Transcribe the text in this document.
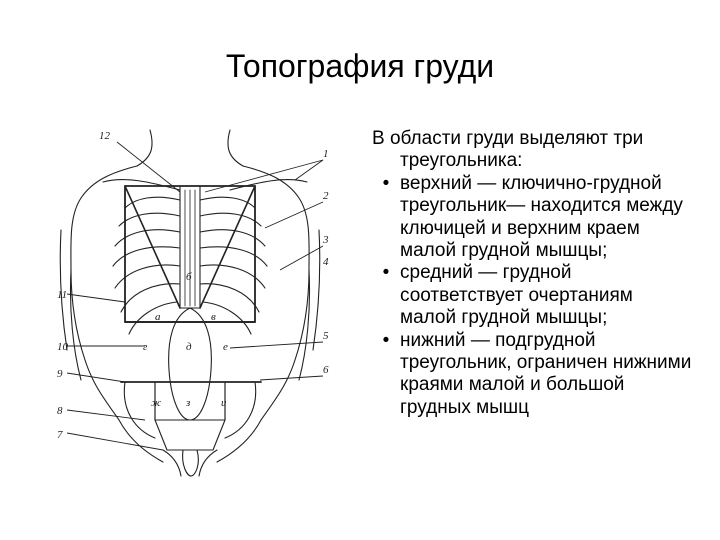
Топография груди
1
2
3
4
5
6
7
8
9
10
11
12
а
б
в
г	д	е
ж з	и

В области груди выделяют три треугольника:

• верхний — ключично-грудной треугольник— находится между ключицей и верхним краем малой грудной мышцы;
• средний — грудной соответствует очертаниям малой грудной мышцы;
• нижний — подгрудной треугольник, ограничен нижними краями малой и большой грудных мышц
